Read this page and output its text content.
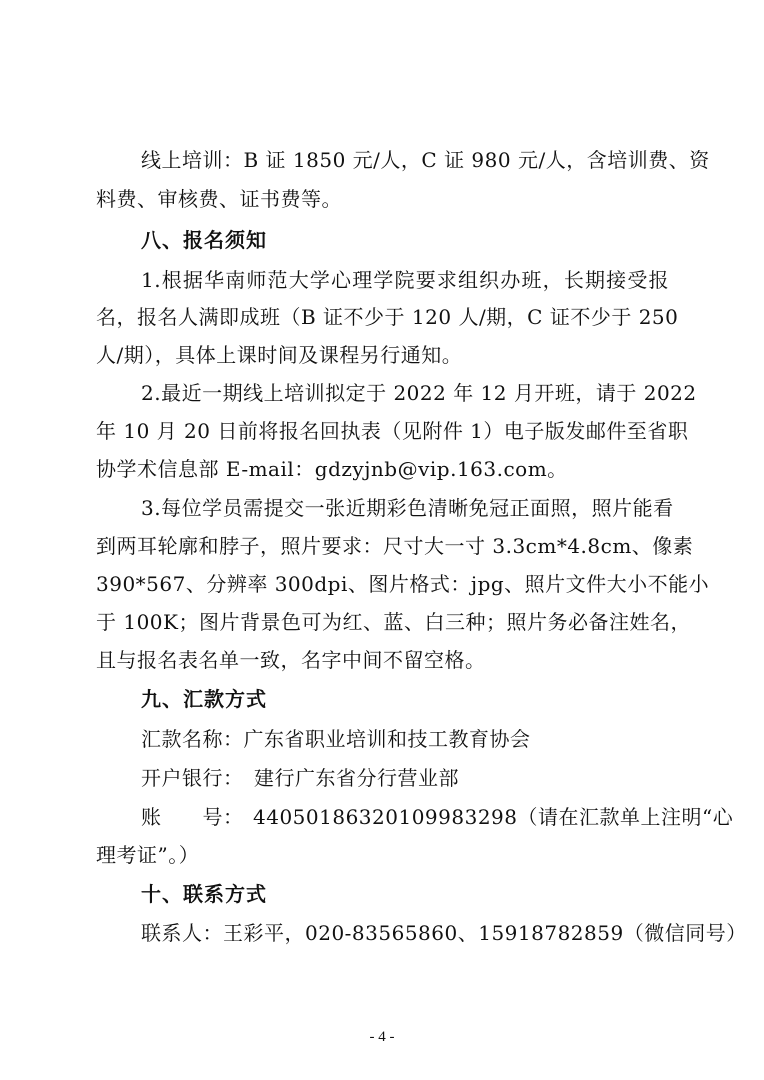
线上培训：B 证 1850 元/人，C 证 980 元/人，含培训费、资
料费、审核费、证书费等。
八、报名须知
1.根据华南师范大学心理学院要求组织办班，长期接受报
名，报名人满即成班（B 证不少于 120 人/期，C 证不少于 250
人/期），具体上课时间及课程另行通知。
2.最近一期线上培训拟定于 2022 年 12 月开班，请于 2022
年 10 月 20 日前将报名回执表（见附件 1）电子版发邮件至省职
协学术信息部 E-mail：gdzyjnb@vip.163.com。
3.每位学员需提交一张近期彩色清晰免冠正面照，照片能看
到两耳轮廓和脖子，照片要求：尺寸大一寸 3.3cm*4.8cm、像素
390*567、分辨率 300dpi、图片格式：jpg、照片文件大小不能小
于 100K；图片背景色可为红、蓝、白三种；照片务必备注姓名，
且与报名表名单一致，名字中间不留空格。
九、汇款方式
汇款名称：广东省职业培训和技工教育协会
开户银行：　建行广东省分行营业部
账　　号： 44050186320109983298（请在汇款单上注明“心
理考证”。）
十、联系方式
联系人：王彩平，020-83565860、15918782859（微信同号）
- 4 -
